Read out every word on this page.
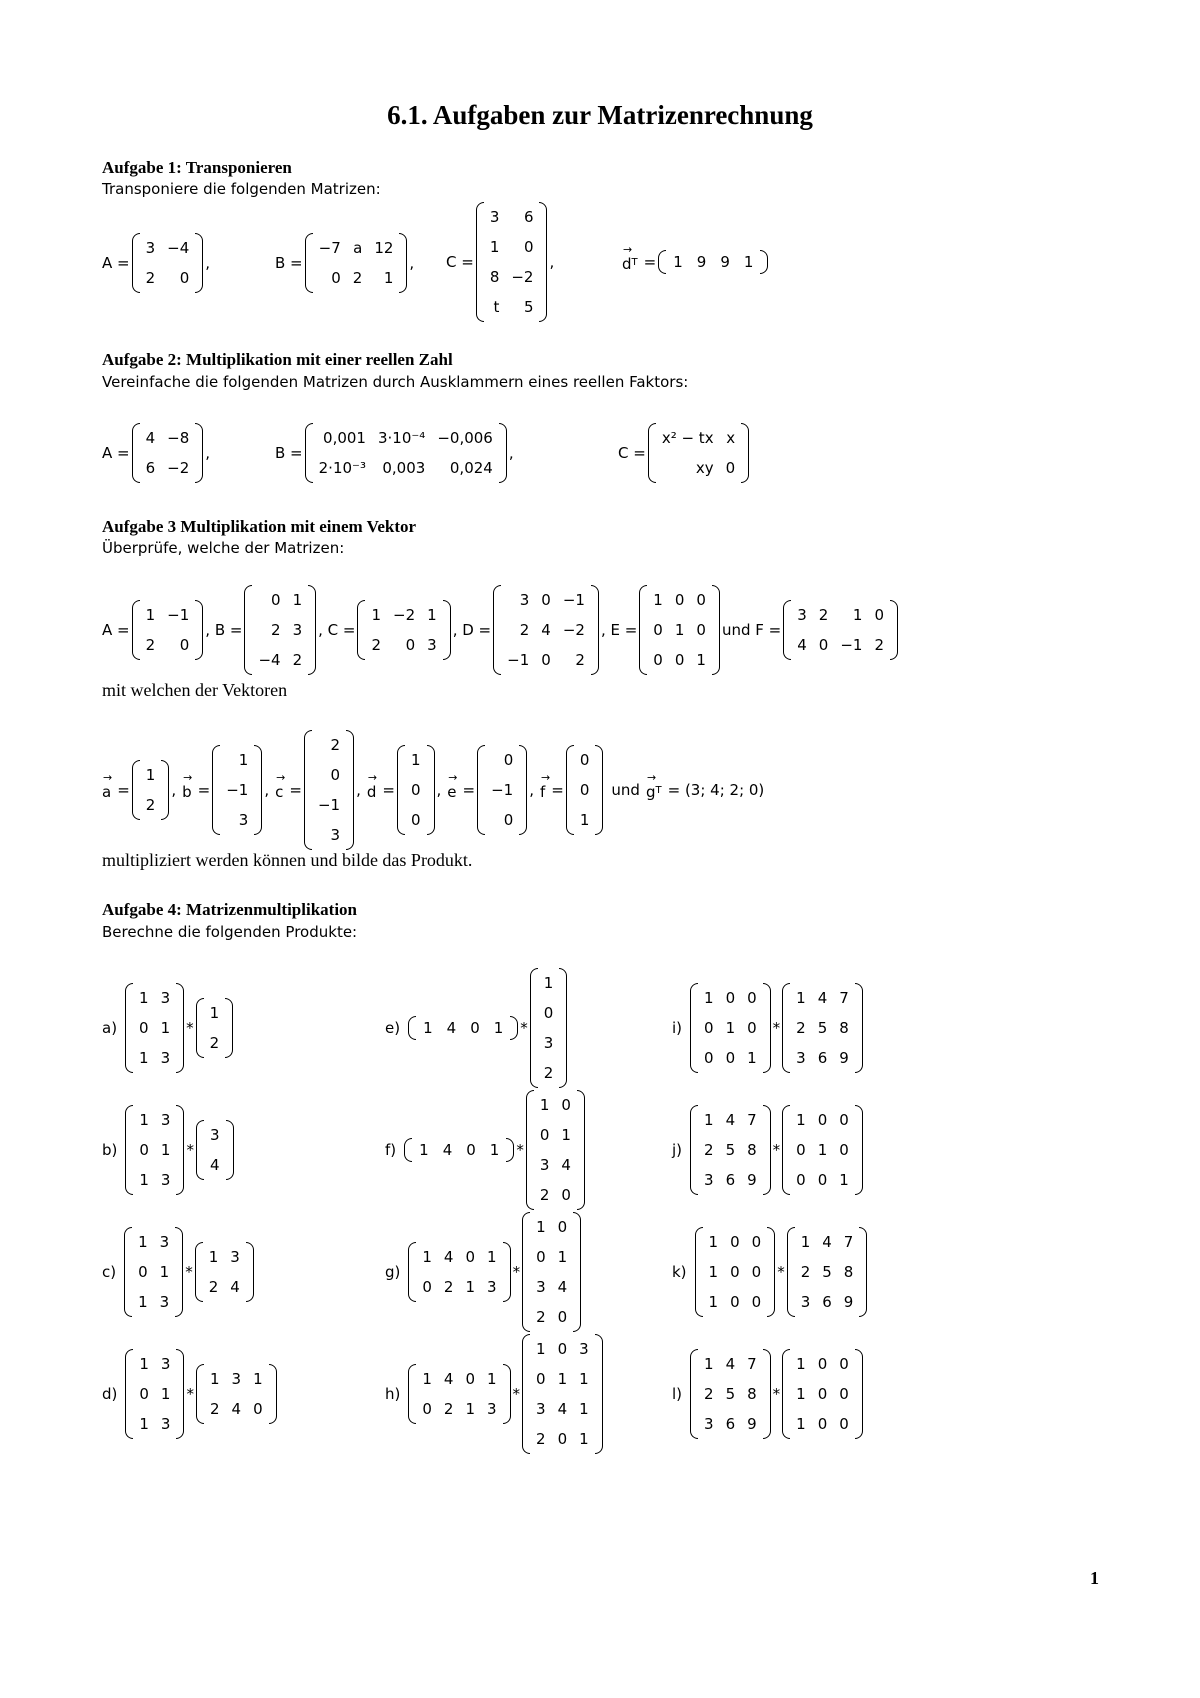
6.1. Aufgaben zur Matrizenrechnung
Aufgabe 1: Transponieren
Transponiere die folgenden Matrizen:
A =
3	−4
2	0
,	B =
−7	a	12
0	2	1
, C =
3	6
1	0
8	−2
t	5
,	→ d T = 1	9	9	1
Aufgabe 2: Multiplikation mit einer reellen Zahl
Vereinfache die folgenden Matrizen durch Ausklammern eines reellen Faktors:
A =
4	−8
6	−2
,	B =
0,001	3·10⁻⁴	−0,006
2·10⁻³	0,003	0,024
,	C =
x² − tx	x
xy	0
Aufgabe 3 Multiplikation mit einem Vektor
Überprüfe, welche der Matrizen:
A =
1	−1
2	0
, B =
0	1
2	3
−4	2
, C =
1	−2	1
2	0	3
, D =
3	0	−1
2	4	−2
−1	0	2
, E =
1	0	0
0	1	0
0	0	1
und F =
3	2	1	0
4	0	−1	2
mit welchen der Vektoren
→ a =
1
2
, → b =
1
−1
3
, → c =
2
0
−1
3
, → d =
1
0
0
, → e =
0
−1
0
, → f =
0
0
1
und → g T = (3; 4; 2; 0)
multipliziert werden können und bilde das Produkt.
Aufgabe 4: Matrizenmultiplikation
Berechne die folgenden Produkte:
a)
1	3
0	1
1	3
*
1
2
b)
1	3
0	1
1	3
*
3
4
c)
1	3
0	1
1	3
*
1	3
2	4
d)
1	3
0	1
1	3
*
1	3	1
2	4	0
e) 1	4	0	1 *
1
0
3
2
f) 1	4	0	1 *
1	0
0	1
3	4
2	0
g)
1	4	0	1
0	2	1	3
*
1	0
0	1
3	4
2	0
h)
1	4	0	1
0	2	1	3
*
1	0	3
0	1	1
3	4	1
2	0	1
i)
1	0	0
0	1	0
0	0	1
*
1	4	7
2	5	8
3	6	9
j)
1	4	7
2	5	8
3	6	9
*
1	0	0
0	1	0
0	0	1
k)
1	0	0
1	0	0
1	0	0
*
1	4	7
2	5	8
3	6	9
l)
1	4	7
2	5	8
3	6	9
*
1	0	0
1	0	0
1	0	0
1
